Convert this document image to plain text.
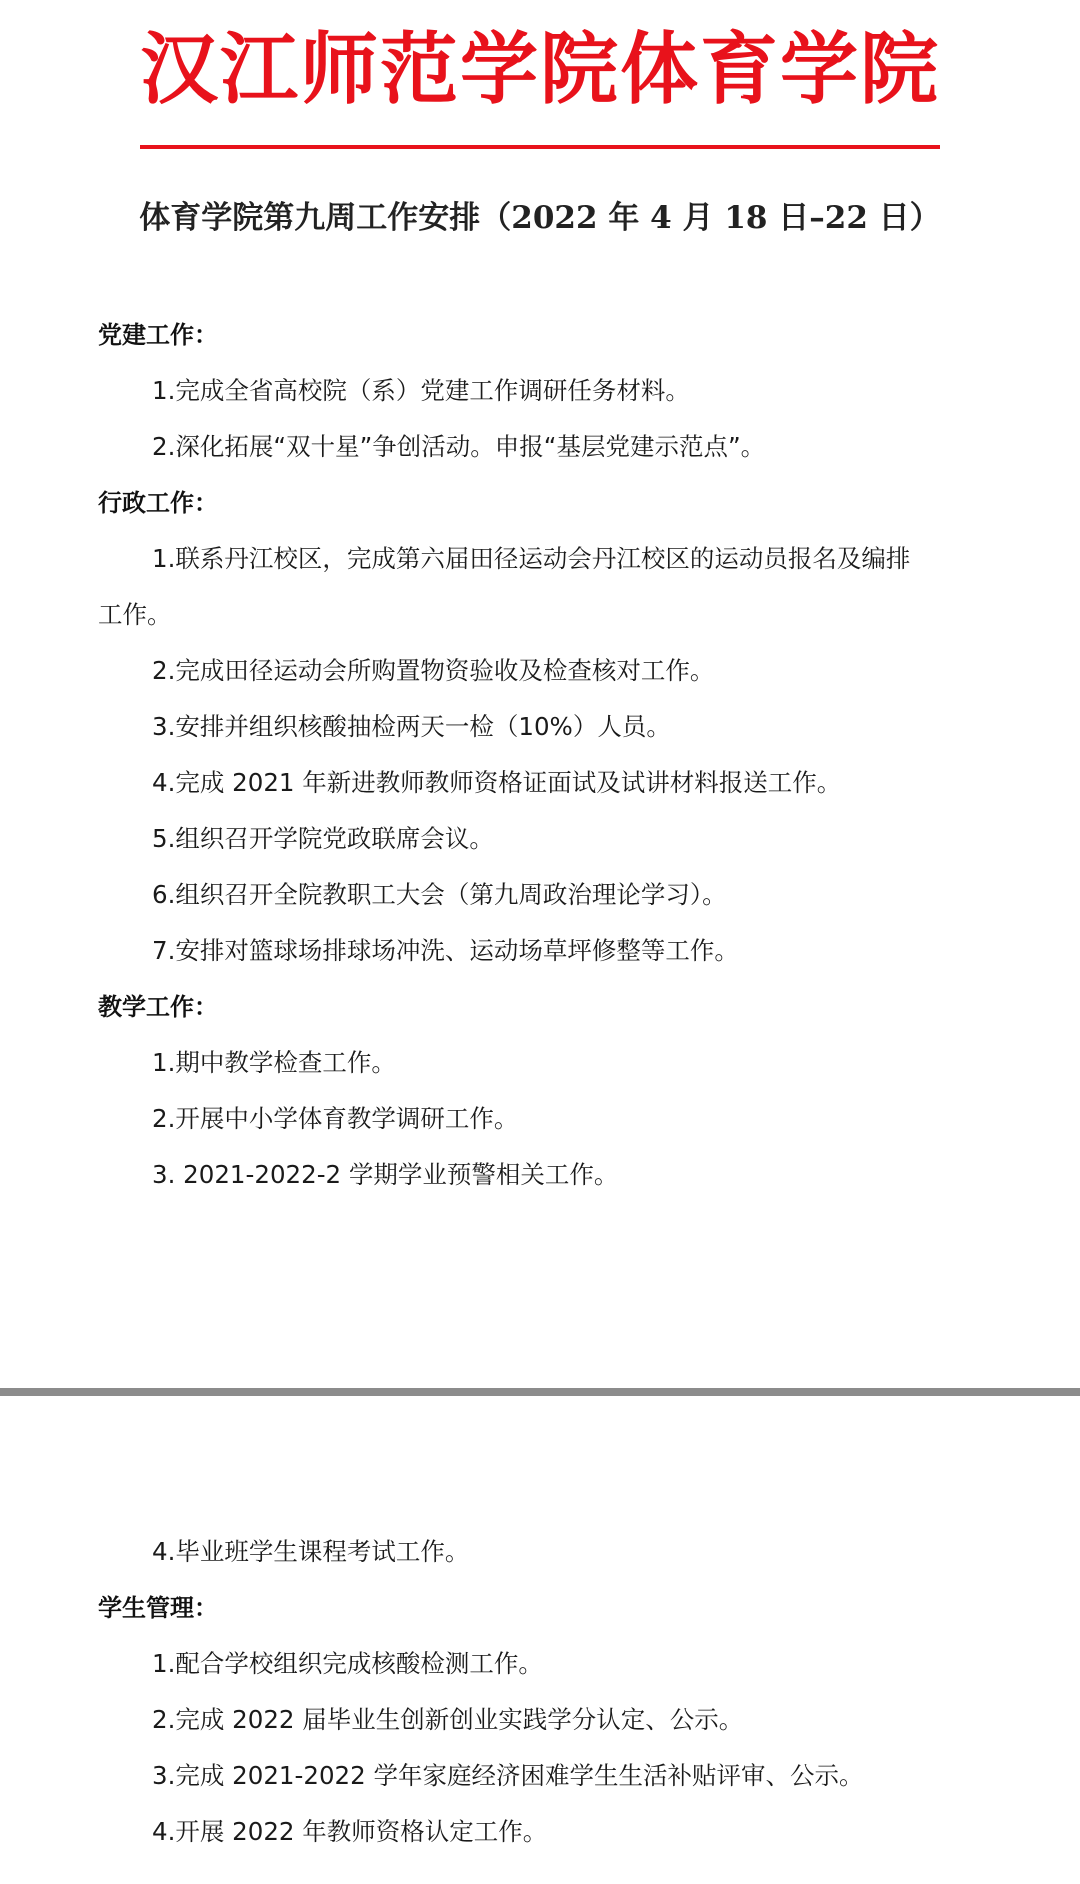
汉江师范学院体育学院
体育学院第九周工作安排（2022 年 4 月 18 日–22 日）
党建工作：
1.完成全省高校院（系）党建工作调研任务材料。
2.深化拓展“双十星”争创活动。申报“基层党建示范点”。
行政工作：
1.联系丹江校区，完成第六届田径运动会丹江校区的运动员报名及编排
工作。
2.完成田径运动会所购置物资验收及检查核对工作。
3.安排并组织核酸抽检两天一检（10%）人员。
4.完成 2021 年新进教师教师资格证面试及试讲材料报送工作。
5.组织召开学院党政联席会议。
6.组织召开全院教职工大会（第九周政治理论学习）。
7.安排对篮球场排球场冲洗、运动场草坪修整等工作。
教学工作：
1.期中教学检查工作。
2.开展中小学体育教学调研工作。
3. 2021-2022-2 学期学业预警相关工作。
4.毕业班学生课程考试工作。
学生管理：
1.配合学校组织完成核酸检测工作。
2.完成 2022 届毕业生创新创业实践学分认定、公示。
3.完成 2021-2022 学年家庭经济困难学生生活补贴评审、公示。
4.开展 2022 年教师资格认定工作。
